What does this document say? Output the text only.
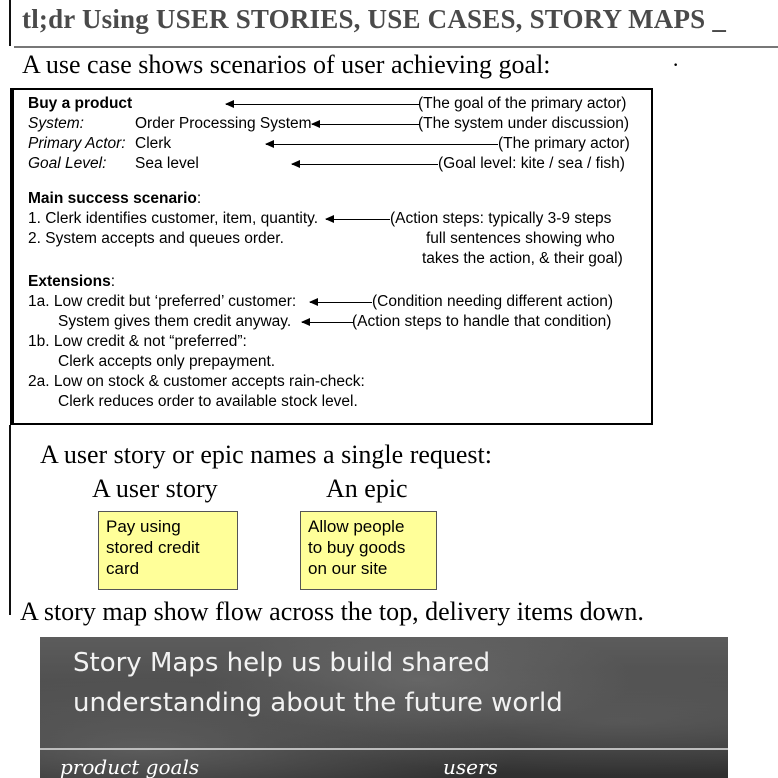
tl;dr Using USER STORIES, USE CASES, STORY MAPS _
A use case shows scenarios of user achieving goal:	·
Buy a product	(The goal of the primary actor)
System:	Order Processing System	(The system under discussion)
Primary Actor: Clerk	(The primary actor)
Goal Level: Sea level	(Goal level: kite / sea / fish)
Main success scenario:
1. Clerk identifies customer, item, quantity.	(Action steps: typically 3-9 steps
2. System accepts and queues order.	full sentences showing who
takes the action, & their goal)
Extensions:
1a. Low credit but ‘preferred’ customer:	(Condition needing different action)
System gives them credit anyway.	(Action steps to handle that condition)
1b. Low credit & not “preferred”:
Clerk accepts only prepayment.
2a. Low on stock & customer accepts rain-check:
Clerk reduces order to available stock level.
A user story or epic names a single request:
A user story	An epic
Pay using
stored credit
card
Allow people
to buy goods
on our site
A story map show flow across the top, delivery items down.
Story Maps help us build shared
understanding about the future world
product goals	users
